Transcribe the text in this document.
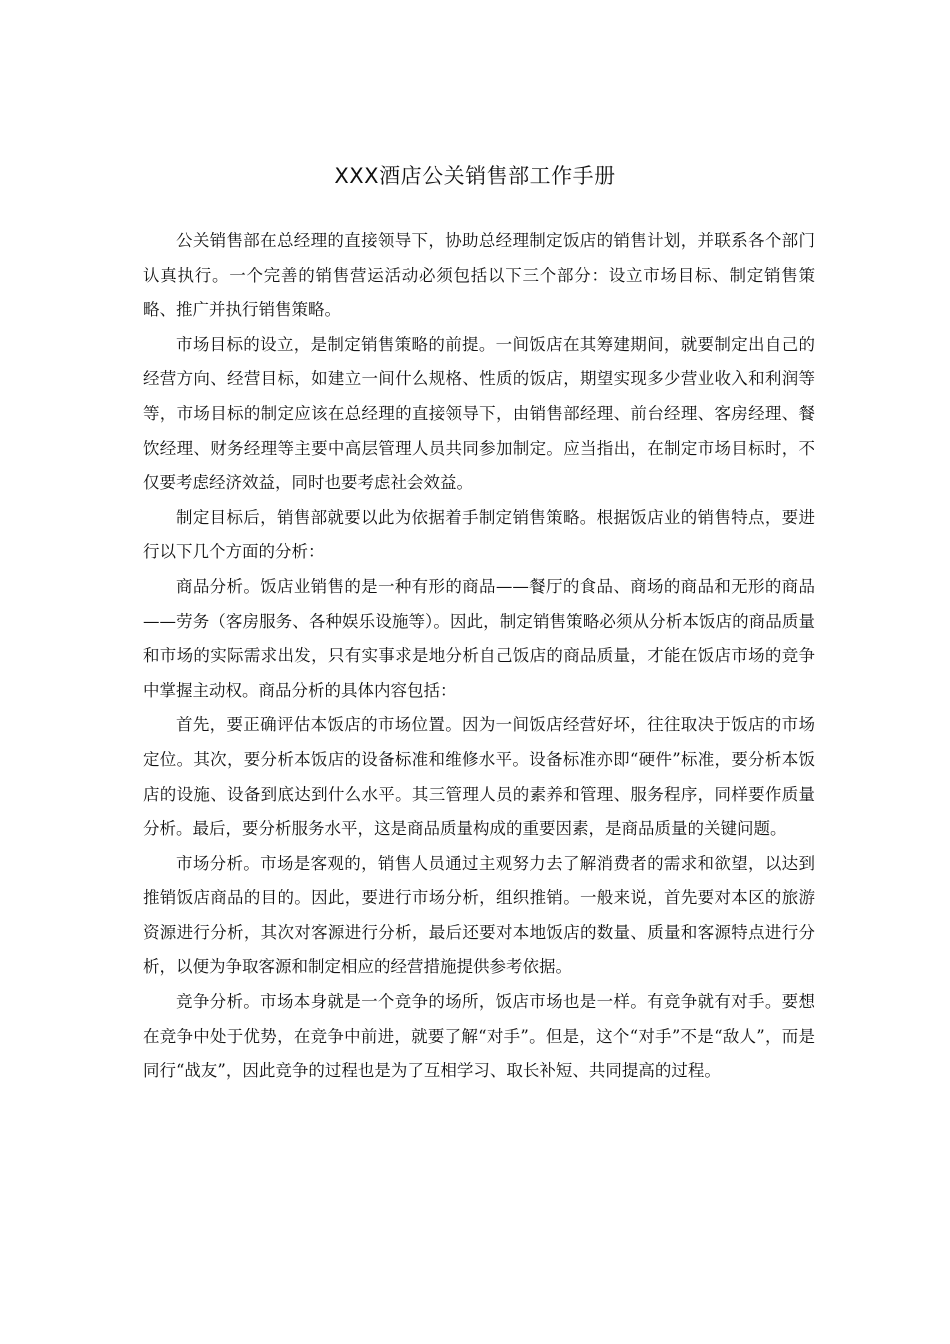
XXX酒店公关销售部工作手册

公关销售部在总经理的直接领导下，协助总经理制定饭店的销售计划，并联系各个部门认真执行。一个完善的销售营运活动必须包括以下三个部分：设立市场目标、制定销售策略、推广并执行销售策略。

市场目标的设立，是制定销售策略的前提。一间饭店在其筹建期间，就要制定出自己的经营方向、经营目标，如建立一间什么规格、性质的饭店，期望实现多少营业收入和利润等等，市场目标的制定应该在总经理的直接领导下，由销售部经理、前台经理、客房经理、餐饮经理、财务经理等主要中高层管理人员共同参加制定。应当指出，在制定市场目标时，不仅要考虑经济效益，同时也要考虑社会效益。

制定目标后，销售部就要以此为依据着手制定销售策略。根据饭店业的销售特点，要进行以下几个方面的分析：

商品分析。饭店业销售的是一种有形的商品——餐厅的食品、商场的商品和无形的商品——劳务（客房服务、各种娱乐设施等）。因此，制定销售策略必须从分析本饭店的商品质量和市场的实际需求出发，只有实事求是地分析自己饭店的商品质量，才能在饭店市场的竞争中掌握主动权。商品分析的具体内容包括：

首先，要正确评估本饭店的市场位置。因为一间饭店经营好坏，往往取决于饭店的市场定位。其次，要分析本饭店的设备标准和维修水平。设备标准亦即“硬件”标准，要分析本饭店的设施、设备到底达到什么水平。其三管理人员的素养和管理、服务程序，同样要作质量分析。最后，要分析服务水平，这是商品质量构成的重要因素，是商品质量的关键问题。

市场分析。市场是客观的，销售人员通过主观努力去了解消费者的需求和欲望，以达到推销饭店商品的目的。因此，要进行市场分析，组织推销。一般来说，首先要对本区的旅游资源进行分析，其次对客源进行分析，最后还要对本地饭店的数量、质量和客源特点进行分析，以便为争取客源和制定相应的经营措施提供参考依据。

竞争分析。市场本身就是一个竞争的场所，饭店市场也是一样。有竞争就有对手。要想在竞争中处于优势，在竞争中前进，就要了解“对手”。但是，这个“对手”不是“敌人”，而是同行“战友”，因此竞争的过程也是为了互相学习、取长补短、共同提高的过程。
